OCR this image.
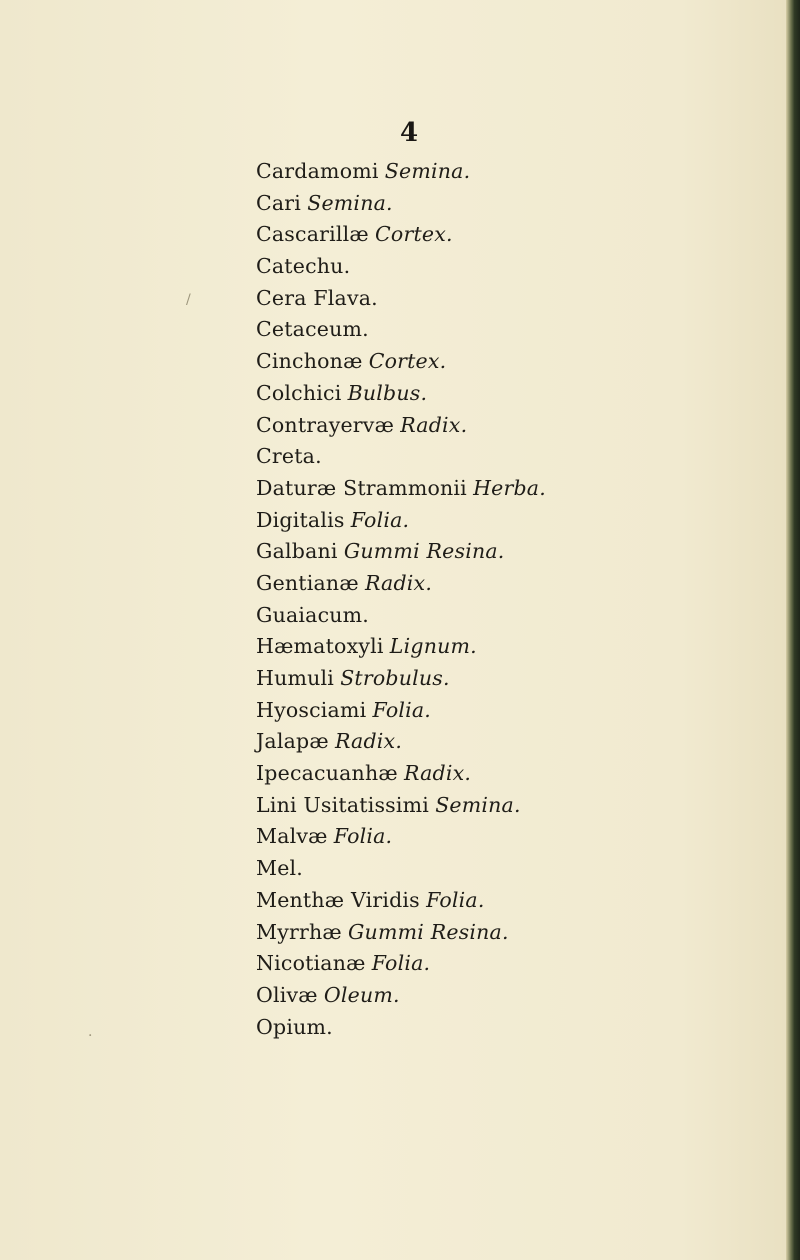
4
Cardamomi Semina.
Cari Semina.
Cascarillæ Cortex.
Catechu.
Cera Flava.
Cetaceum.
Cinchonæ Cortex.
Colchici Bulbus.
Contrayervæ Radix.
Creta.
Daturæ Strammonii Herba.
Digitalis Folia.
Galbani Gummi Resina.
Gentianæ Radix.
Guaiacum.
Hæmatoxyli Lignum.
Humuli Strobulus.
Hyosciami Folia.
Jalapæ Radix.
Ipecacuanhæ Radix.
Lini Usitatissimi Semina.
Malvæ Folia.
Mel.
Menthæ Viridis Folia.
Myrrhæ Gummi Resina.
Nicotianæ Folia.
Olivæ Oleum.
Opium.
/
·
